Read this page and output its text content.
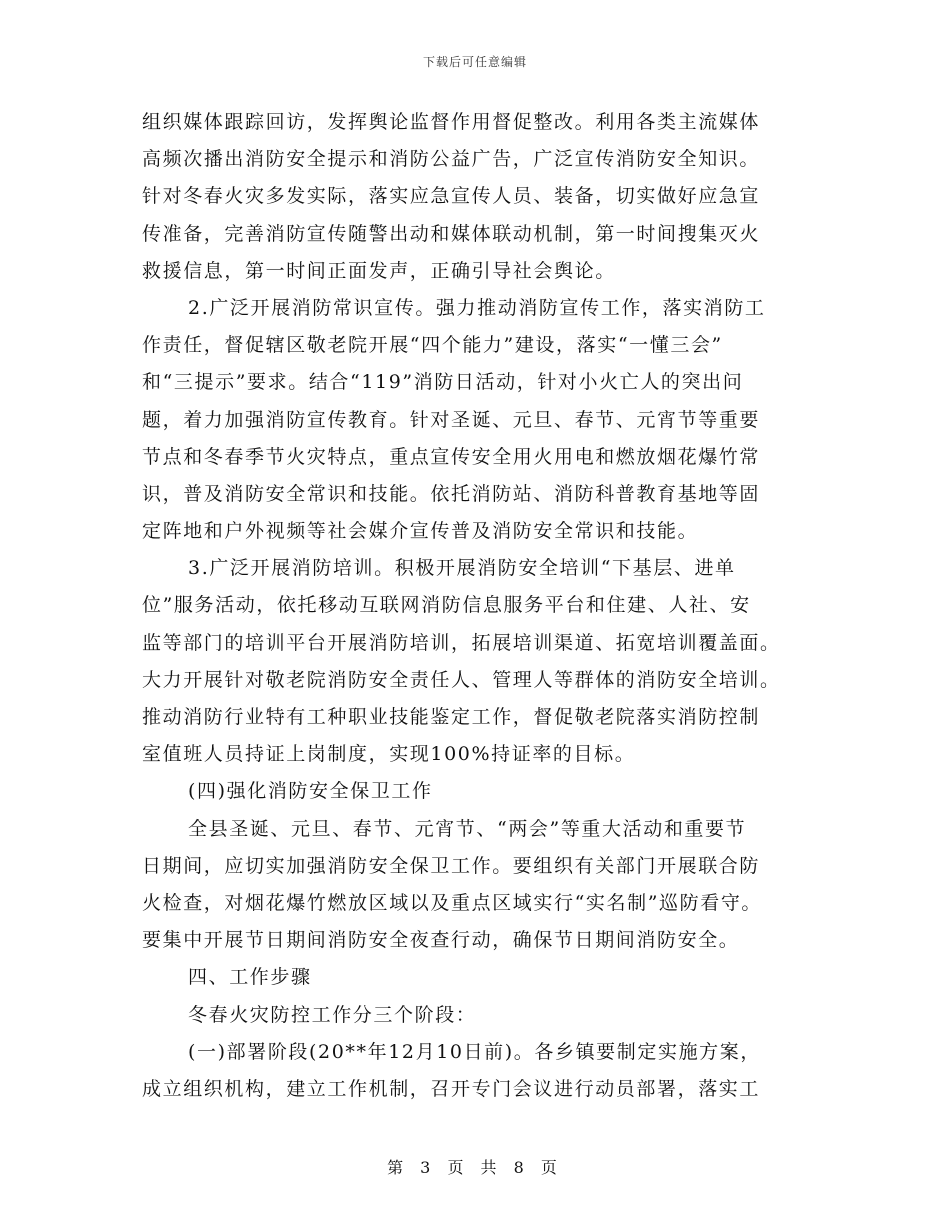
下载后可任意编辑
组织媒体跟踪回访，发挥舆论监督作用督促整改。利用各类主流媒体
高频次播出消防安全提示和消防公益广告，广泛宣传消防安全知识。
针对冬春火灾多发实际，落实应急宣传人员、装备，切实做好应急宣
传准备，完善消防宣传随警出动和媒体联动机制，第一时间搜集灭火
救援信息，第一时间正面发声，正确引导社会舆论。
2.广泛开展消防常识宣传。强力推动消防宣传工作，落实消防工
作责任，督促辖区敬老院开展“四个能力”建设，落实“一懂三会”
和“三提示”要求。结合“119”消防日活动，针对小火亡人的突出问
题，着力加强消防宣传教育。针对圣诞、元旦、春节、元宵节等重要
节点和冬春季节火灾特点，重点宣传安全用火用电和燃放烟花爆竹常
识，普及消防安全常识和技能。依托消防站、消防科普教育基地等固
定阵地和户外视频等社会媒介宣传普及消防安全常识和技能。
3.广泛开展消防培训。积极开展消防安全培训“下基层、进单
位”服务活动，依托移动互联网消防信息服务平台和住建、人社、安
监等部门的培训平台开展消防培训，拓展培训渠道、拓宽培训覆盖面。
大力开展针对敬老院消防安全责任人、管理人等群体的消防安全培训。
推动消防行业特有工种职业技能鉴定工作，督促敬老院落实消防控制
室值班人员持证上岗制度，实现100%持证率的目标。
(四)强化消防安全保卫工作
全县圣诞、元旦、春节、元宵节、“两会”等重大活动和重要节
日期间，应切实加强消防安全保卫工作。要组织有关部门开展联合防
火检查，对烟花爆竹燃放区域以及重点区域实行“实名制”巡防看守。
要集中开展节日期间消防安全夜查行动，确保节日期间消防安全。
四、工作步骤
冬春火灾防控工作分三个阶段：
(一)部署阶段(20**年12月10日前)。各乡镇要制定实施方案，
成立组织机构，建立工作机制，召开专门会议进行动员部署，落实工
第 3 页 共 8 页
